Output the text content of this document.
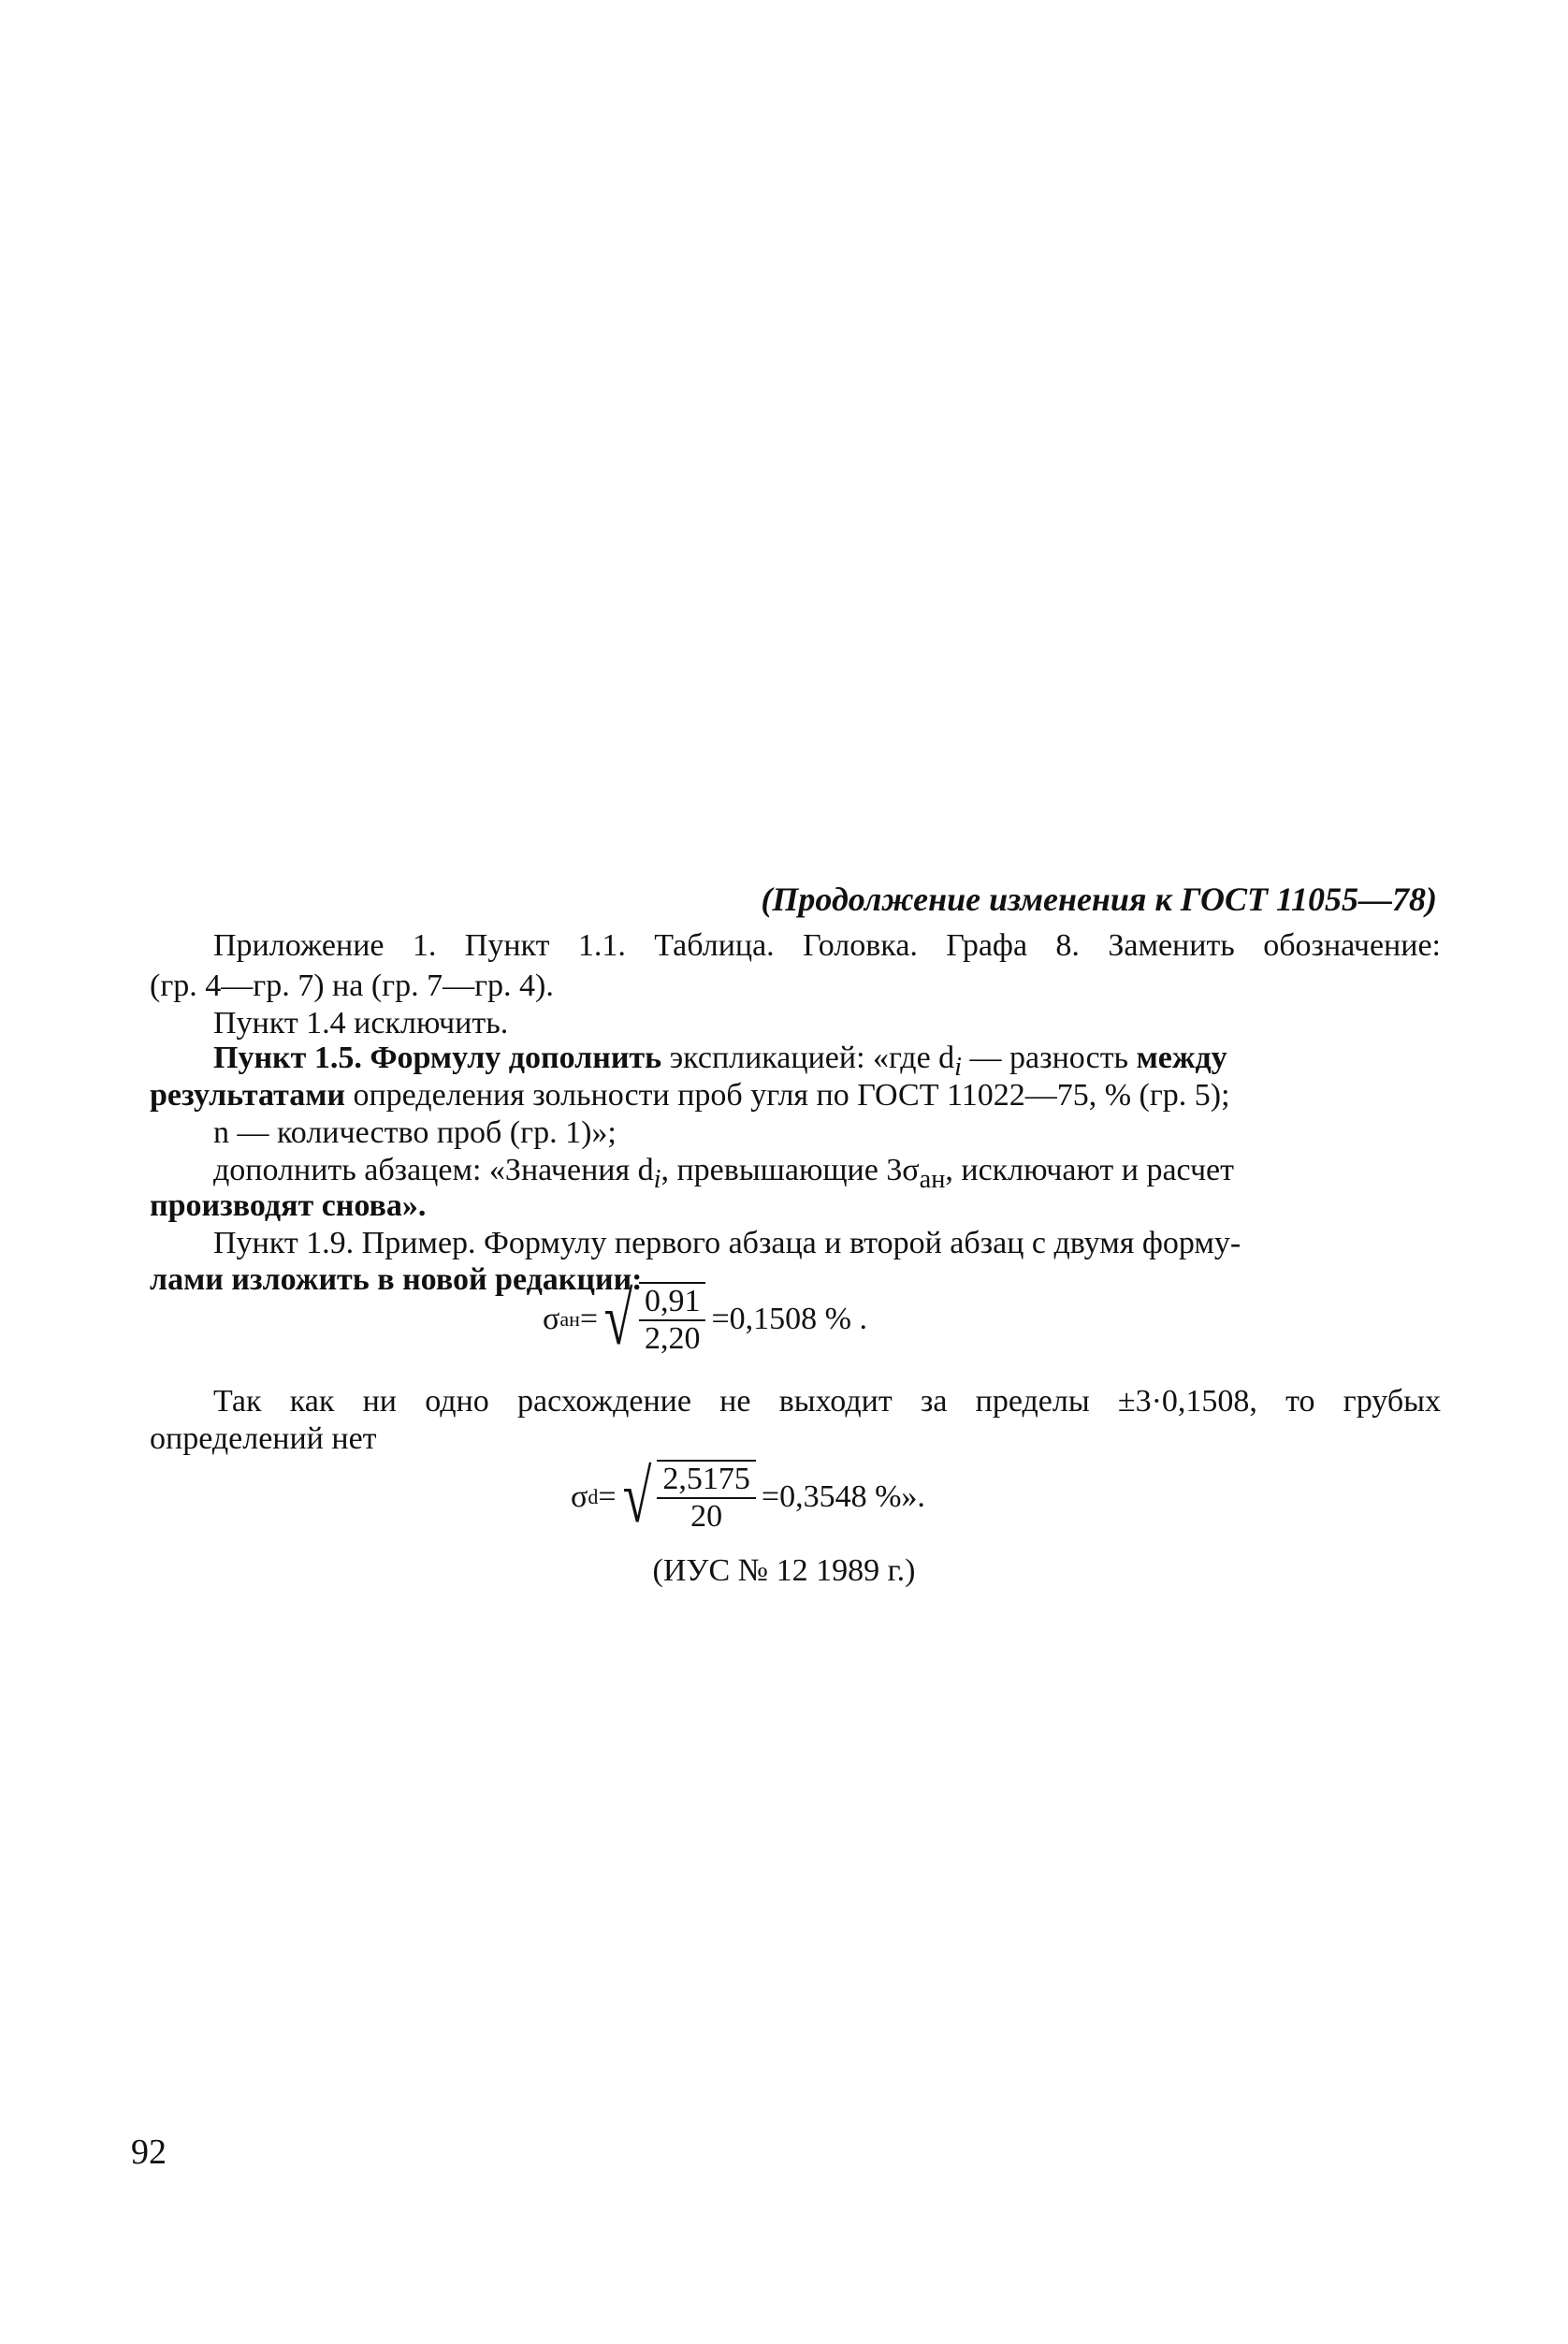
(Продолжение изменения к ГОСТ 11055—78)
Приложение 1. Пункт 1.1. Таблица. Головка. Графа 8. Заменить обозначение:
(гр. 4—гр. 7) на (гр. 7—гр. 4).
Пункт 1.4 исключить.
Пункт 1.5. Формулу дополнить экспликацией: «где $d_i$ — разность между
результатами определения зольности проб угля по ГОСТ 11022—75, % (гр. 5);
n — количество проб (гр. 1)»;
дополнить абзацем: «Значения $d_i$, превышающие $3\sigma_{ан}$, исключают и расчет
производят снова».
Пункт 1.9. Пример. Формулу первого абзаца и второй абзац с двумя форму-
лами изложить в новой редакции:
σ ан = √ $\frac{0,91}{2,20} =0,1508$ % .
Так как ни одно расхождение не выходит за пределы ±3·0,1508, то грубых
определений нет
σ d = √ $\frac{2,5175}{20} =0,3548$ %».
(ИУС № 12 1989 г.)
92
